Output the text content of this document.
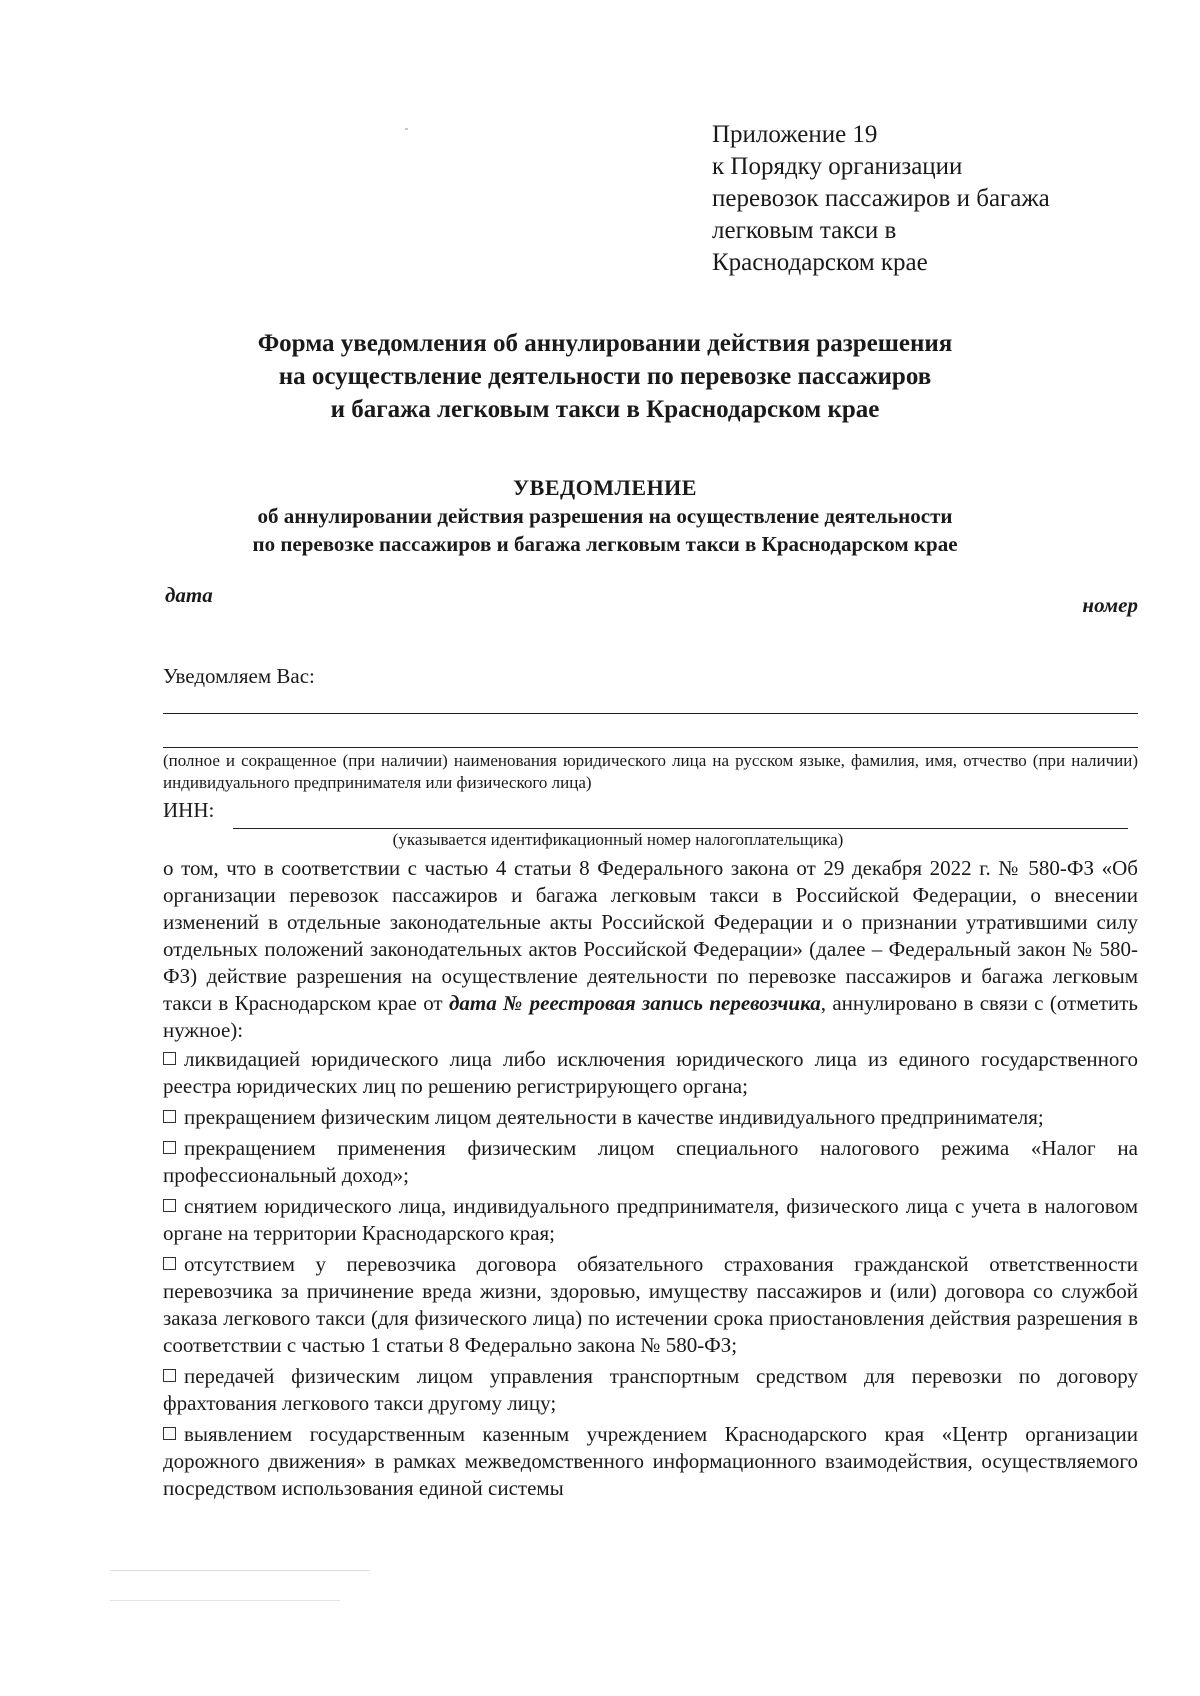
Приложение 19
к Порядку организации
перевозок пассажиров и багажа
легковым такси в
Краснодарском крае
Форма уведомления об аннулировании действия разрешения
на осуществление деятельности по перевозке пассажиров
и багажа легковым такси в Краснодарском крае
УВЕДОМЛЕНИЕ
об аннулировании действия разрешения на осуществление деятельности
по перевозке пассажиров и багажа легковым такси в Краснодарском крае
дата	номер
Уведомляем Вас:
(полное и сокращенное (при наличии) наименования юридического лица на русском языке, фамилия, имя, отчество (при наличии) индивидуального предпринимателя или физического лица)
ИНН:
(указывается идентификационный номер налогоплательщика)

о том, что в соответствии с частью 4 статьи 8 Федерального закона от 29 декабря 2022 г. № 580-ФЗ «Об организации перевозок пассажиров и багажа легковым такси в Российской Федерации, о внесении изменений в отдельные законодательные акты Российской Федерации и о признании утратившими силу отдельных положений законодательных актов Российской Федерации» (далее – Федеральный закон № 580-ФЗ) действие разрешения на осуществление деятельности по перевозке пассажиров и багажа легковым такси в Краснодарском крае от дата № реестровая запись перевозчика, аннулировано в связи с (отметить нужное):

ликвидацией юридического лица либо исключения юридического лица из единого государственного реестра юридических лиц по решению регистрирующего органа;

прекращением физическим лицом деятельности в качестве индивидуального предпринимателя;

прекращением применения физическим лицом специального налогового режима «Налог на профессиональный доход»;

снятием юридического лица, индивидуального предпринимателя, физического лица с учета в налоговом органе на территории Краснодарского края;

отсутствием у перевозчика договора обязательного страхования гражданской ответственности перевозчика за причинение вреда жизни, здоровью, имуществу пассажиров и (или) договора со службой заказа легкового такси (для физического лица) по истечении срока приостановления действия разрешения в соответствии с частью 1 статьи 8 Федерально закона № 580-ФЗ;

передачей физическим лицом управления транспортным средством для перевозки по договору фрахтования легкового такси другому лицу;

выявлением государственным казенным учреждением Краснодарского края «Центр организации дорожного движения» в рамках межведомственного информационного взаимодействия, осуществляемого посредством использования единой системы
